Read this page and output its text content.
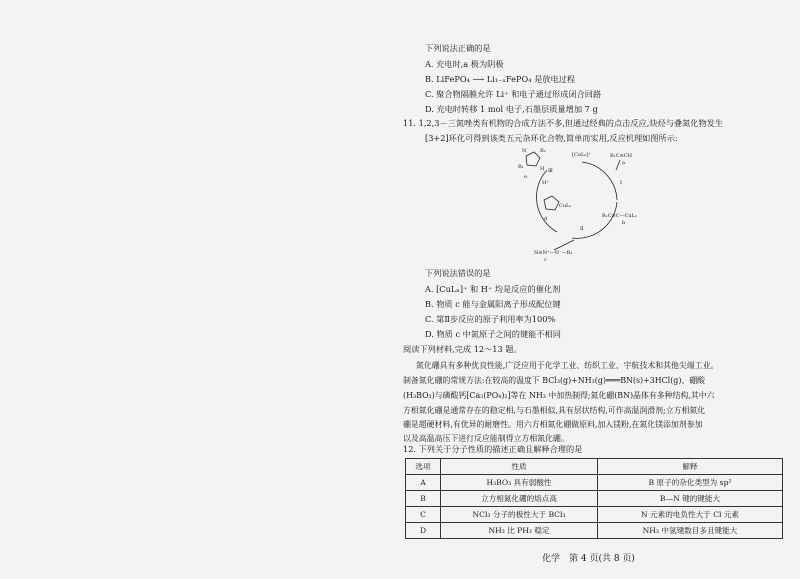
下列说法正确的是
A. 充电时,a 极为阴极
B. LiFePO₄ ⟶ Li₁₋ₓFePO₄ 是放电过程
C. 聚合物隔膜允许 Li⁺ 和电子通过形成闭合回路
D. 充电时转移 1 mol 电子,石墨层质量增加 7 g
11. 1,2,3－三氮唑类有机物的合成方法不多,但通过经典的点击反应,炔烃与叠氮化物发生
[3+2]环化可得到该类五元杂环化合物,简单而实用,反应机理如图所示:
[CuLₙ]⁺	R₁C≡CH
a
R₁C≡C—CuLₙ
b
N≡N⁺—N⁻—R₂
c
d
e
H⁺	Ⅰ
Ⅱ
Ⅲ
N	R₂
R₁	H
CuLₙ
下列说法错误的是
A. [CuLₙ]⁺ 和 H⁺ 均是反应的催化剂
B. 物质 c 能与金属阳离子形成配位键
C. 第Ⅱ步反应的原子利用率为100%
D. 物质 c 中氮原子之间的键能不相同
阅读下列材料,完成 12～13 题。
氮化硼具有多种优良性能,广泛应用于化学工业、纺织工业、宇航技术和其他尖端工业。
制备氮化硼的常规方法:在较高的温度下 BCl₃(g)+NH₃(g)═══BN(s)+3HCl(g)、硼酸
(H₃BO₃)与磷酸钙[Ca₃(PO₄)₂]等在 NH₃ 中加热制得;氮化硼(BN)晶体有多种结构,其中六
方相氮化硼是通常存在的稳定相,与石墨相似,具有层状结构,可作高温润滑剂;立方相氮化
硼是超硬材料,有优异的耐磨性。用六方相氮化硼做原料,加入镁粉,在氮化镁添加剂参加
以及高温高压下进行反应能制得立方相氮化硼。
12. 下列关于分子性质的描述正确且解释合理的是
选项	性质	解释
A	H₃BO₃ 具有弱酸性	B 原子的杂化类型为 sp²
B	立方相氮化硼的熔点高	B—N 键的键能大
C	NCl₃ 分子的极性大于 BCl₃	N 元素的电负性大于 Cl 元素
D	NH₃ 比 PH₃ 稳定	NH₃ 中氢键数目多且键能大
化学　第 4 页(共 8 页)
